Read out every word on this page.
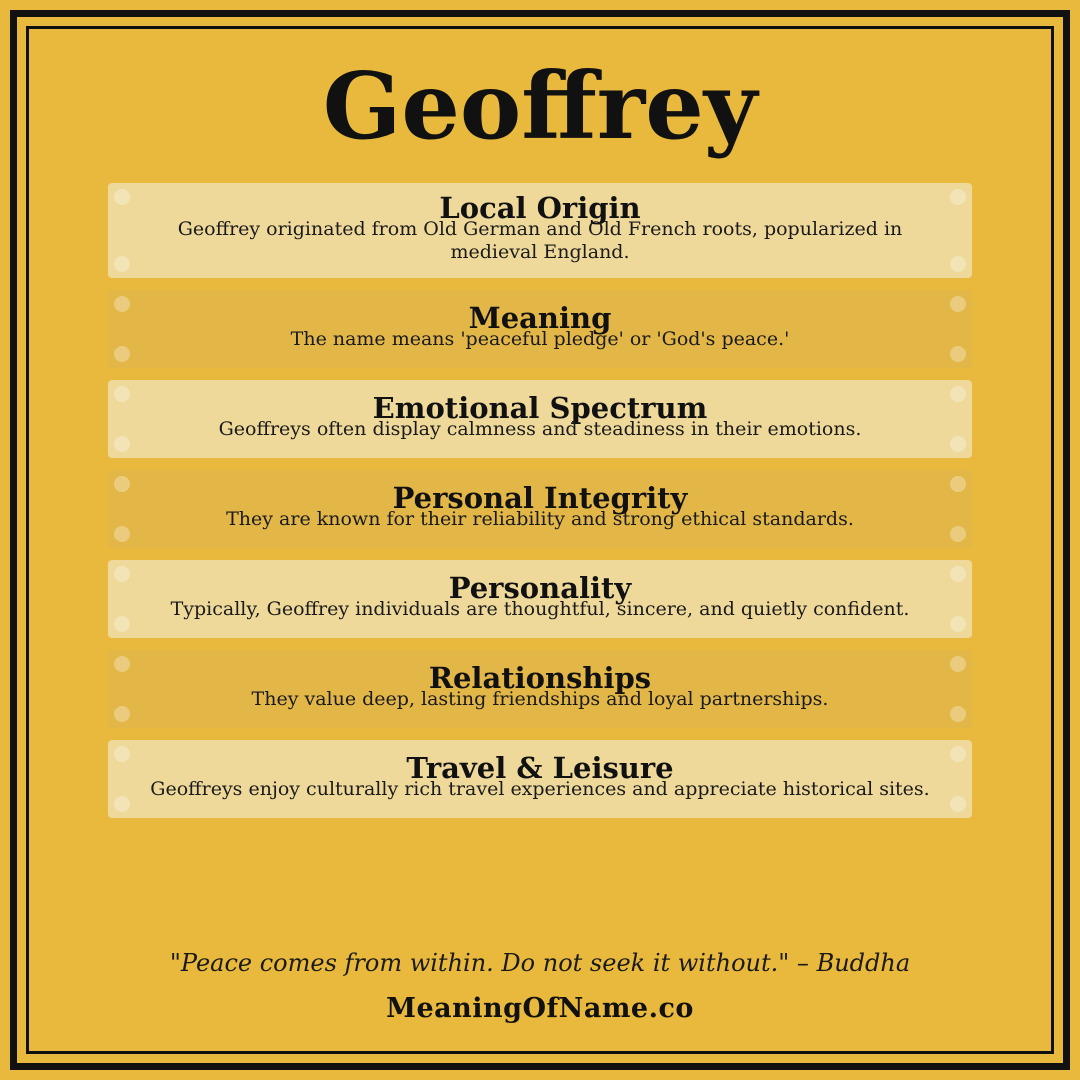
Geoffrey
Local Origin
Geoffrey originated from Old German and Old French roots, popularized in medieval England.
Meaning
The name means 'peaceful pledge' or 'God's peace.'
Emotional Spectrum
Geoffreys often display calmness and steadiness in their emotions.
Personal Integrity
They are known for their reliability and strong ethical standards.
Personality
Typically, Geoffrey individuals are thoughtful, sincere, and quietly confident.
Relationships
They value deep, lasting friendships and loyal partnerships.
Travel & Leisure
Geoffreys enjoy culturally rich travel experiences and appreciate historical sites.
"Peace comes from within. Do not seek it without." – Buddha
MeaningOfName.co
